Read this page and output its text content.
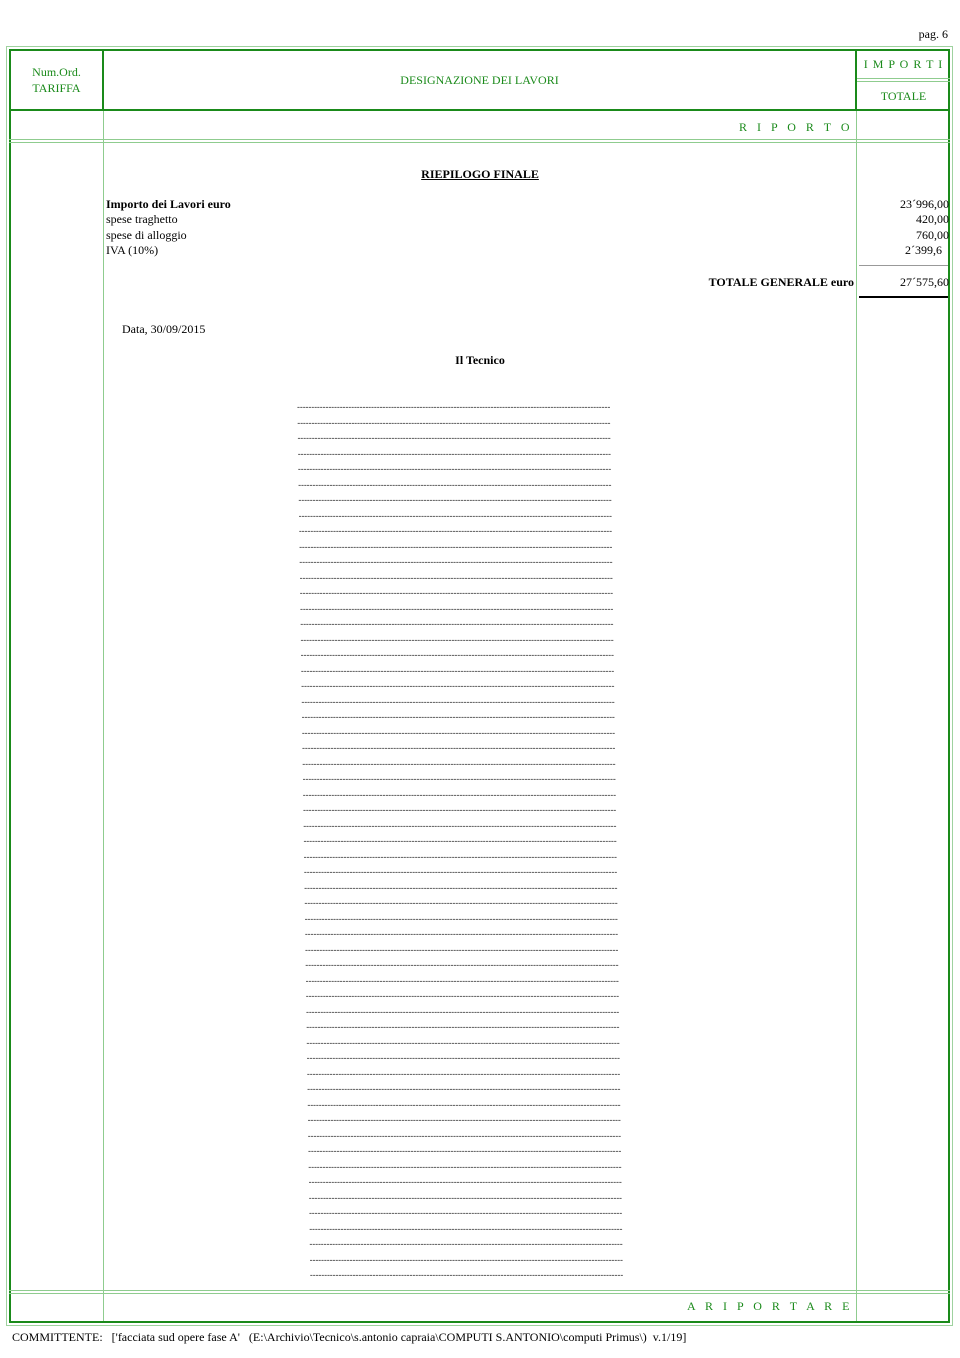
pag. 6
Num.Ord.
TARIFFA
DESIGNAZIONE DEI LAVORI
I M P O R T I
TOTALE
R I P O R T O
RIEPILOGO FINALE
Importo dei Lavori euro	23´996,00
spese traghetto	420,00
spese di alloggio	760,00
IVA (10%)	2´399,6
TOTALE GENERALE euro	27´575,60
Data, 30/09/2015
Il Tecnico
--------------------------------------------------------------------------------------------------------------
--------------------------------------------------------------------------------------------------------------
--------------------------------------------------------------------------------------------------------------
--------------------------------------------------------------------------------------------------------------
--------------------------------------------------------------------------------------------------------------
--------------------------------------------------------------------------------------------------------------
--------------------------------------------------------------------------------------------------------------
--------------------------------------------------------------------------------------------------------------
--------------------------------------------------------------------------------------------------------------
--------------------------------------------------------------------------------------------------------------
--------------------------------------------------------------------------------------------------------------
--------------------------------------------------------------------------------------------------------------
--------------------------------------------------------------------------------------------------------------
--------------------------------------------------------------------------------------------------------------
--------------------------------------------------------------------------------------------------------------
--------------------------------------------------------------------------------------------------------------
--------------------------------------------------------------------------------------------------------------
--------------------------------------------------------------------------------------------------------------
--------------------------------------------------------------------------------------------------------------
--------------------------------------------------------------------------------------------------------------
--------------------------------------------------------------------------------------------------------------
--------------------------------------------------------------------------------------------------------------
--------------------------------------------------------------------------------------------------------------
--------------------------------------------------------------------------------------------------------------
--------------------------------------------------------------------------------------------------------------
--------------------------------------------------------------------------------------------------------------
--------------------------------------------------------------------------------------------------------------
--------------------------------------------------------------------------------------------------------------
--------------------------------------------------------------------------------------------------------------
--------------------------------------------------------------------------------------------------------------
--------------------------------------------------------------------------------------------------------------
--------------------------------------------------------------------------------------------------------------
--------------------------------------------------------------------------------------------------------------
--------------------------------------------------------------------------------------------------------------
--------------------------------------------------------------------------------------------------------------
--------------------------------------------------------------------------------------------------------------
--------------------------------------------------------------------------------------------------------------
--------------------------------------------------------------------------------------------------------------
--------------------------------------------------------------------------------------------------------------
--------------------------------------------------------------------------------------------------------------
--------------------------------------------------------------------------------------------------------------
--------------------------------------------------------------------------------------------------------------
--------------------------------------------------------------------------------------------------------------
--------------------------------------------------------------------------------------------------------------
--------------------------------------------------------------------------------------------------------------
--------------------------------------------------------------------------------------------------------------
--------------------------------------------------------------------------------------------------------------
--------------------------------------------------------------------------------------------------------------
--------------------------------------------------------------------------------------------------------------
--------------------------------------------------------------------------------------------------------------
--------------------------------------------------------------------------------------------------------------
--------------------------------------------------------------------------------------------------------------
--------------------------------------------------------------------------------------------------------------
--------------------------------------------------------------------------------------------------------------
--------------------------------------------------------------------------------------------------------------
--------------------------------------------------------------------------------------------------------------
--------------------------------------------------------------------------------------------------------------
A R I P O R T A R E
COMMITTENTE:   ['facciata sud opere fase A'   (E:\Archivio\Tecnico\s.antonio capraia\COMPUTI S.ANTONIO\computi Primus\)  v.1/19]
